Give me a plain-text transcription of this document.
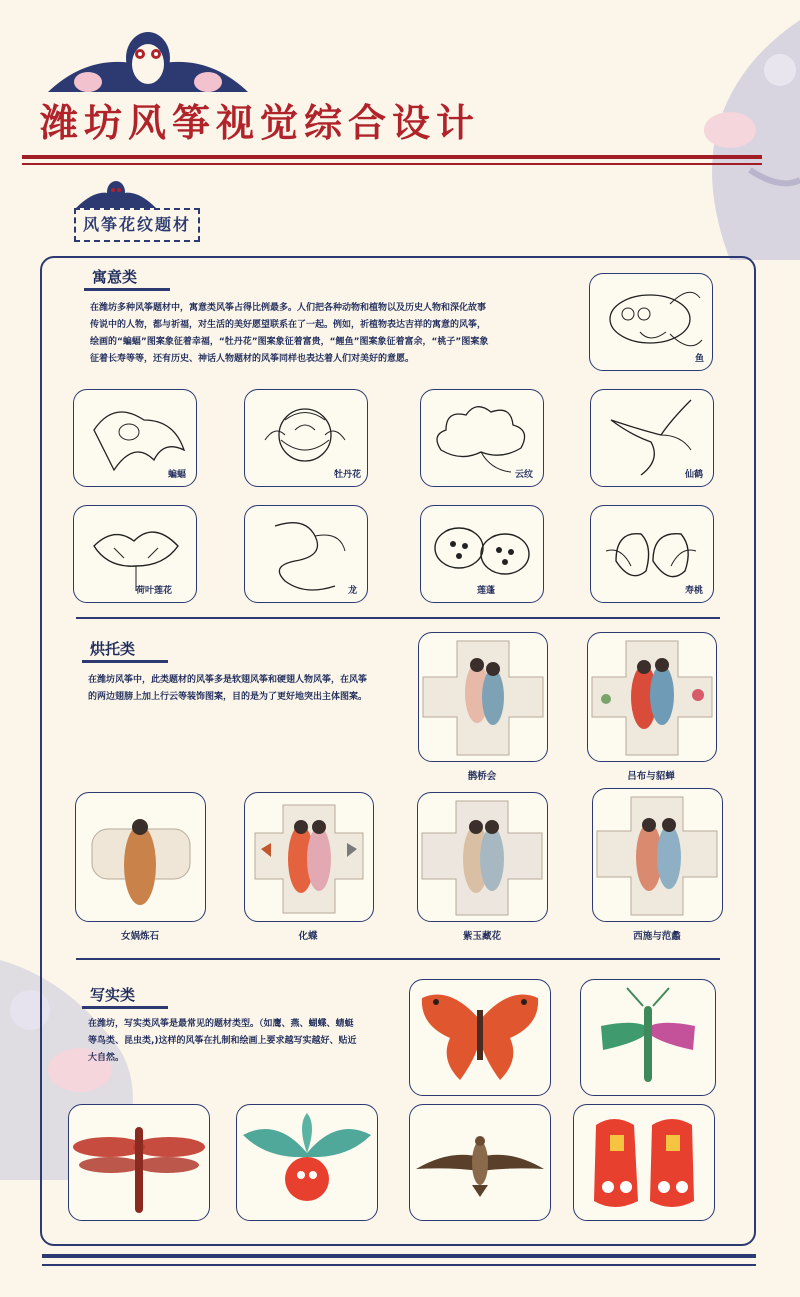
潍坊风筝视觉综合设计
风筝花纹题材
寓意类
在潍坊多种风筝题材中，寓意类风筝占得比例最多。人们把各种动物和植物以及历史人物和深化故事传说中的人物，都与祈福，对生活的美好愿望联系在了一起。例如，祈植物表达吉祥的寓意的风筝，绘画的“蝙蝠”图案象征着幸福，“牡丹花”图案象征着富贵，“鲤鱼”图案象征着富余，“桃子”图案象征着长寿等等，还有历史、神话人物题材的风筝同样也表达着人们对美好的意愿。	鱼
蝙蝠	牡丹花	云纹	仙鹤
荷叶莲花	龙	莲蓬	寿桃
烘托类
在潍坊风筝中，此类题材的风筝多是软翅风筝和硬翅人物风筝，在风筝的两边翅膀上加上行云等装饰图案，目的是为了更好地突出主体图案。
鹊桥会	吕布与貂蝉
女娲炼石	化蝶	紫玉藏花	西施与范蠡
写实类
在潍坊，写实类风筝是最常见的题材类型。（如鹰、燕、蝴蝶、蜻蜓等鸟类、昆虫类,)这样的风筝在扎制和绘画上要求越写实越好、贴近大自然。
